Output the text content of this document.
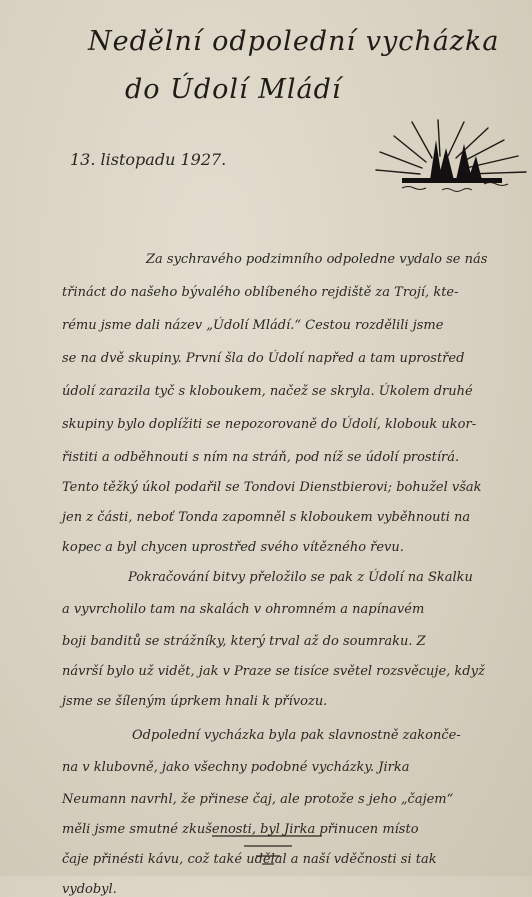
Nedělní odpolední vycházka
do Údolí Mládí
13. listopadu 1927.
Za sychravého podzimního odpoledne vydalo se nás
třináct do našeho bývalého oblíbeného rejdiště za Trojí, kte-
rému jsme dali název „Údolí Mládí.“ Cestou rozdělili jsme
se na dvě skupiny. První šla do Údolí napřed a tam uprostřed
údolí zarazila tyč s kloboukem, načež se skryla. Úkolem druhé
skupiny bylo doplížiti se nepozorovaně do Údolí, klobouk ukor-
řistiti a odběhnouti s ním na stráň, pod níž se údolí prostírá.
Tento těžký úkol podařil se Tondovi Dienstbierovi; bohužel však
jen z části, neboť Tonda zapomněl s kloboukem vyběhnouti na
kopec a byl chycen uprostřed svého vítězného řevu.
Pokračování bitvy přeložilo se pak z Údolí na Skalku
a vyvrcholilo tam na skalách v ohromném a napínavém
boji banditů se strážníky, který trval až do soumraku. Z
návrší bylo už vidět, jak v Praze se tisíce světel rozsvěcuje, když
jsme se šíleným úprkem hnali k přívozu.
Odpolední vycházka byla pak slavnostně zakonče-
na v klubovně, jako všechny podobné vycházky. Jirka
Neumann navrhl, že přinese čaj, ale protože s jeho „čajem“
měli jsme smutné zkušenosti, byl Jirka přinucen místo
čaje přinésti kávu, což také udělal a naší vděčnosti si tak
vydobyl.
